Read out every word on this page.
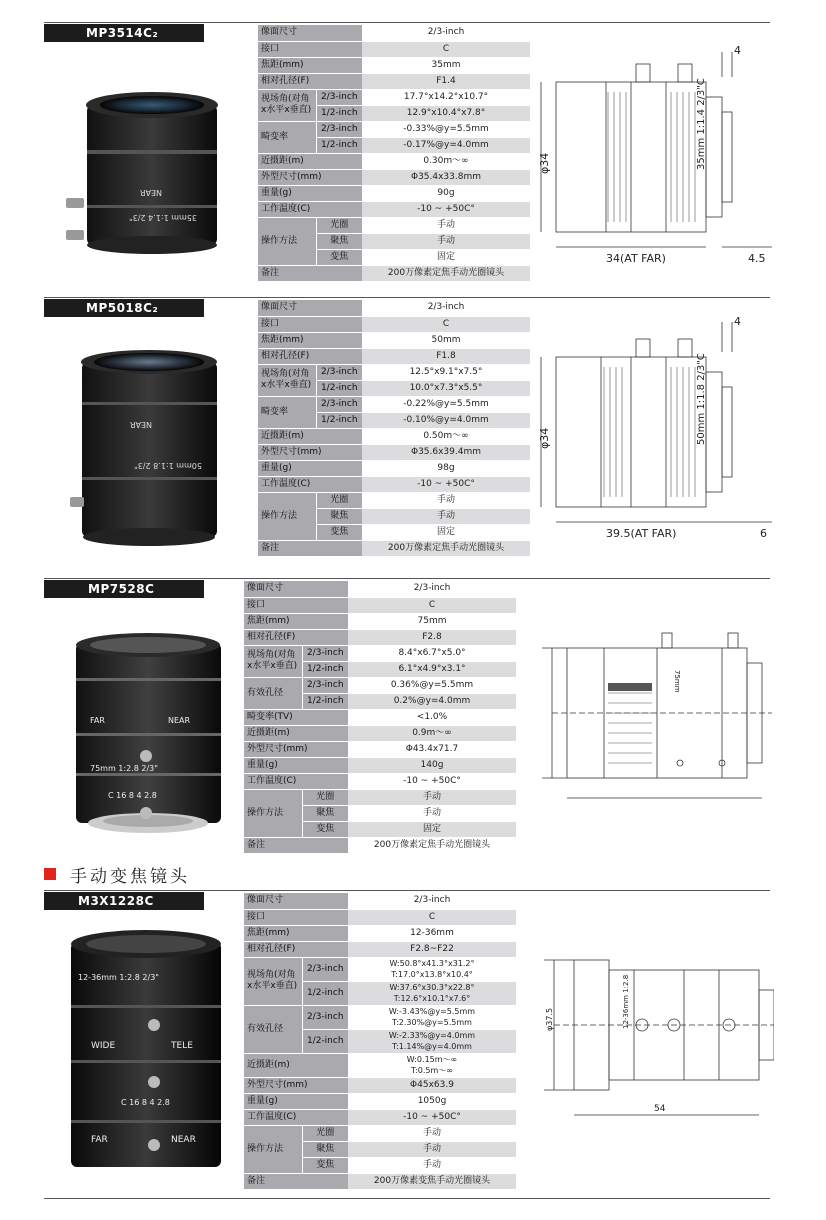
MP3514C₂
NEAR
35mm 1:1.4 2/3"
像面尺寸		2/3-inch

接口		C

焦距(mm)		35mm

相对孔径(F)		F1.4

视场角(对角x水平x垂直)	2/3-inch	17.7°x14.2°x10.7°

	1/2-inch	12.9°x10.4°x7.8°

畸变率	2/3-inch	-0.33%@y=5.5mm

	1/2-inch	-0.17%@y=4.0mm

近摄距(m)		0.30m～∞

外型尺寸(mm)		Φ35.4x33.8mm

重量(g)		90g

工作温度(C)		-10 ~ +50C°

操作方法	光圈	手动

	聚焦	手动

	变焦	固定

备注		200万像素定焦手动光圈镜头
35mm 1:1.4 2/3"C
φ34
34(AT FAR)	4.5
4
MP5018C₂
NEAR
50mm 1:1.8 2/3"
像面尺寸		2/3-inch

接口		C

焦距(mm)		50mm

相对孔径(F)		F1.8

视场角(对角x水平x垂直)	2/3-inch	12.5°x9.1°x7.5°

	1/2-inch	10.0°x7.3°x5.5°

畸变率	2/3-inch	-0.22%@y=5.5mm

	1/2-inch	-0.10%@y=4.0mm

近摄距(m)		0.50m～∞

外型尺寸(mm)		Φ35.6x39.4mm

重量(g)		98g

工作温度(C)		-10 ~ +50C°

操作方法	光圈	手动

	聚焦	手动

	变焦	固定

备注		200万像素定焦手动光圈镜头
50mm 1:1.8 2/3"C
φ34
39.5(AT FAR)	6
4
MP7528C
FAR	NEAR
75mm 1:2.8 2/3"
C 16 8 4 2.8
像面尺寸		2/3-inch

接口		C

焦距(mm)		75mm

相对孔径(F)		F2.8

视场角(对角x水平x垂直)	2/3-inch	8.4°x6.7°x5.0°

	1/2-inch	6.1°x4.9°x3.1°

有效孔径	2/3-inch	0.36%@y=5.5mm

	1/2-inch	0.2%@y=4.0mm

畸变率(TV)		<1.0%

近摄距(m)		0.9m～∞

外型尺寸(mm)		Φ43.4x71.7

重量(g)		140g

工作温度(C)		-10 ~ +50C°

操作方法	光圈	手动

	聚焦	手动

	变焦	固定

备注		200万像素定焦手动光圈镜头
75mm
手动变焦镜头
M3X1228C
12-36mm 1:2.8 2/3"
WIDE	TELE
C 16 8 4 2.8
FAR	NEAR
像面尺寸		2/3-inch

接口		C

焦距(mm)		12-36mm

相对孔径(F)		F2.8~F22

视场角(对角x水平x垂直)	2/3-inch	W:50.8°x41.3°x31.2°
T:17.0°x13.8°x10.4°

	1/2-inch	W:37.6°x30.3°x22.8°
T:12.6°x10.1°x7.6°

有效孔径	2/3-inch	W:-3.43%@y=5.5mm
T:2.30%@y=5.5mm

	1/2-inch	W:-2.33%@y=4.0mm
T:1.14%@y=4.0mm

近摄距(m)		W:0.15m～∞
T:0.5m～∞

外型尺寸(mm)		Φ45x63.9

重量(g)		1050g

工作温度(C)		-10 ~ +50C°

操作方法	光圈	手动

	聚焦	手动

	变焦	手动

备注		200万像素变焦手动光圈镜头
12-36mm 1:2.8
φ37.5
54
